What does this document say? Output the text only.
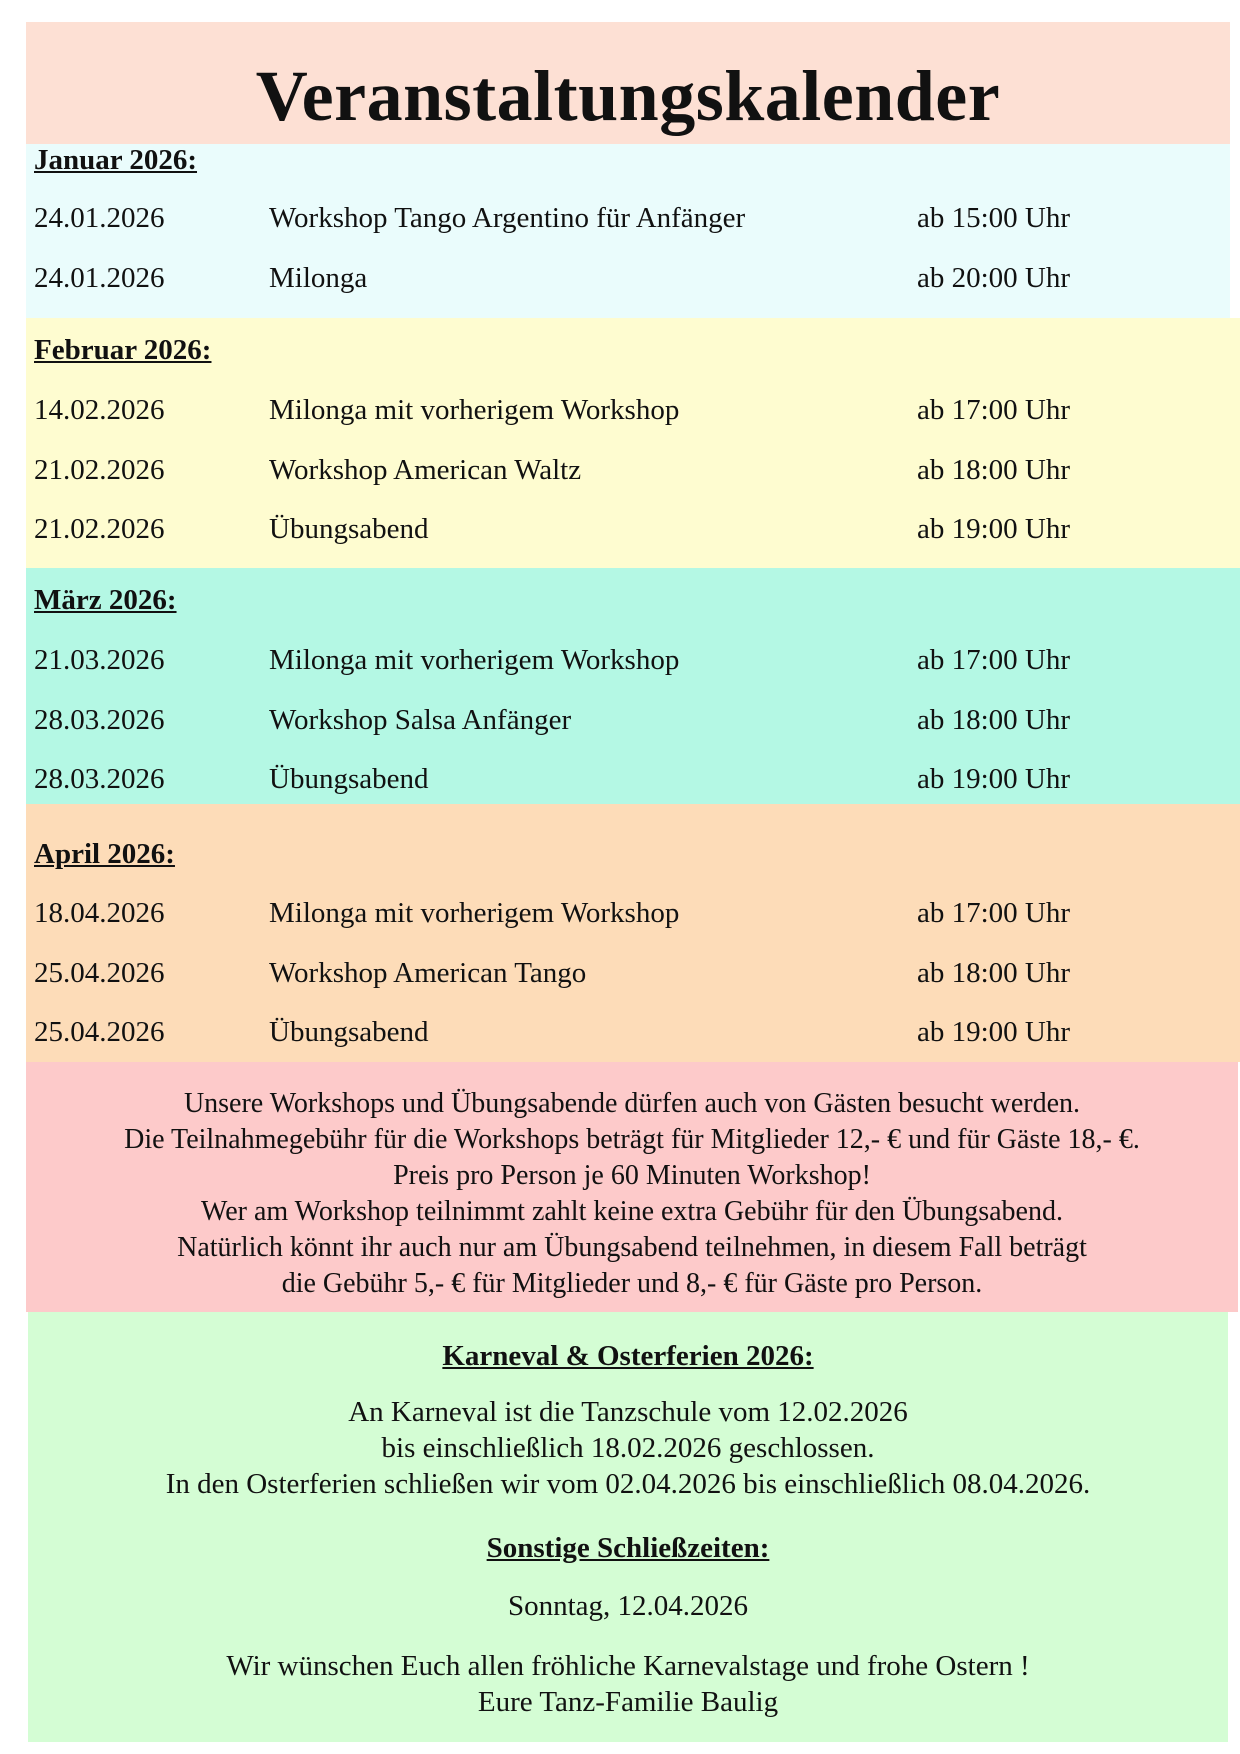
Veranstaltungskalender
Januar 2026:
24.01.2026	Workshop Tango Argentino für Anfänger	ab 15:00 Uhr
24.01.2026	Milonga	ab 20:00 Uhr
Februar 2026:
14.02.2026	Milonga mit vorherigem Workshop	ab 17:00 Uhr
21.02.2026	Workshop American Waltz	ab 18:00 Uhr
21.02.2026	Übungsabend	ab 19:00 Uhr
März 2026:
21.03.2026	Milonga mit vorherigem Workshop	ab 17:00 Uhr
28.03.2026	Workshop Salsa Anfänger	ab 18:00 Uhr
28.03.2026	Übungsabend	ab 19:00 Uhr
April 2026:
18.04.2026	Milonga mit vorherigem Workshop	ab 17:00 Uhr
25.04.2026	Workshop American Tango	ab 18:00 Uhr
25.04.2026	Übungsabend	ab 19:00 Uhr
Unsere Workshops und Übungsabende dürfen auch von Gästen besucht werden.
Die Teilnahmegebühr für die Workshops beträgt für Mitglieder 12,- € und für Gäste 18,- €.
Preis pro Person je 60 Minuten Workshop!
Wer am Workshop teilnimmt zahlt keine extra Gebühr für den Übungsabend.
Natürlich könnt ihr auch nur am Übungsabend teilnehmen, in diesem Fall beträgt
die Gebühr 5,- € für Mitglieder und 8,- € für Gäste pro Person.
Karneval & Osterferien 2026:
An Karneval ist die Tanzschule vom 12.02.2026
bis einschließlich 18.02.2026 geschlossen.
In den Osterferien schließen wir vom 02.04.2026 bis einschließlich 08.04.2026.
Sonstige Schließzeiten:
Sonntag, 12.04.2026
Wir wünschen Euch allen fröhliche Karnevalstage und frohe Ostern !
Eure Tanz-Familie Baulig
